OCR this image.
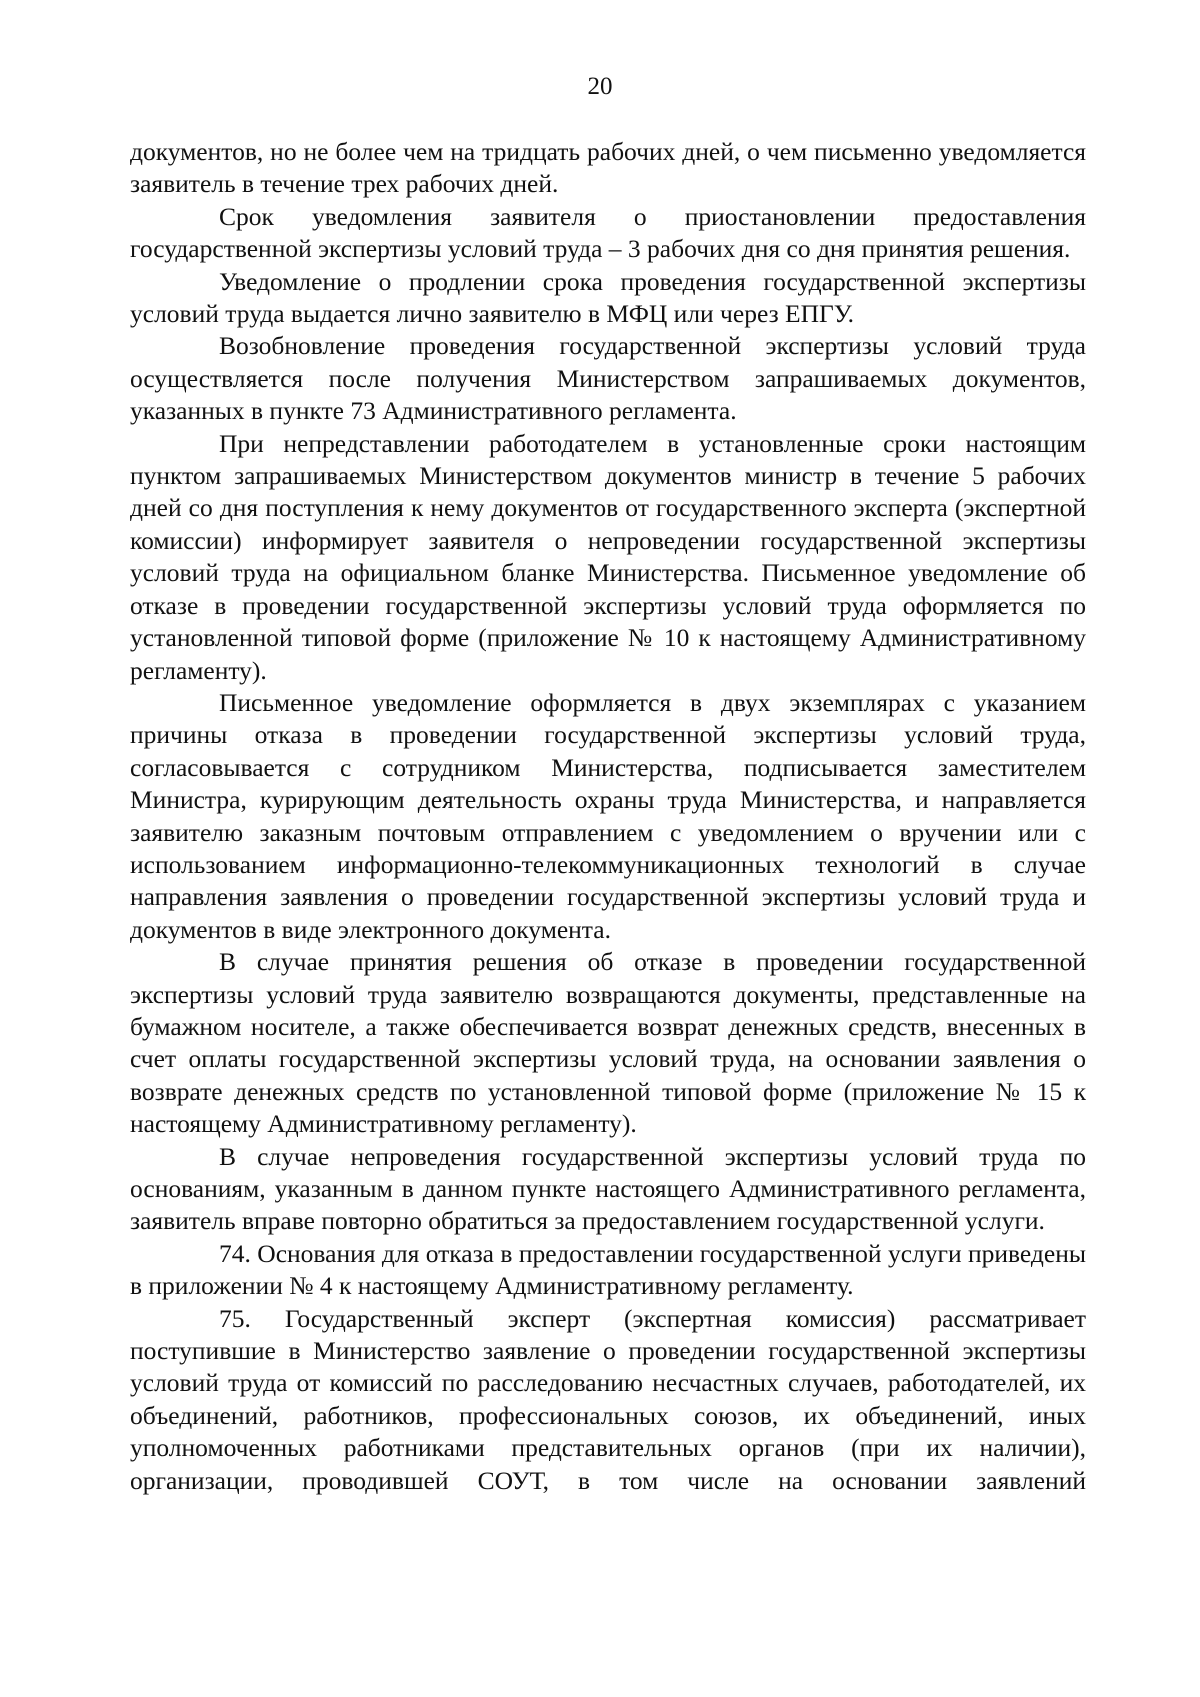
20

документов, но не более чем на тридцать рабочих дней, о чем письменно уведомляется заявитель в течение трех рабочих дней.

Срок уведомления заявителя о приостановлении предоставления государственной экспертизы условий труда – 3 рабочих дня со дня принятия решения.

Уведомление о продлении срока проведения государственной экспертизы условий труда выдается лично заявителю в МФЦ или через ЕПГУ.

Возобновление проведения государственной экспертизы условий труда осуществляется после получения Министерством запрашиваемых документов, указанных в пункте 73 Административного регламента.

При непредставлении работодателем в установленные сроки настоящим пунктом запрашиваемых Министерством документов министр в течение 5 рабочих дней со дня поступления к нему документов от государственного эксперта (экспертной комиссии) информирует заявителя о непроведении государственной экспертизы условий труда на официальном бланке Министерства. Письменное уведомление об отказе в проведении государственной экспертизы условий труда оформляется по установленной типовой форме (приложение № 10 к настоящему Административному регламенту).

Письменное уведомление оформляется в двух экземплярах с указанием причины отказа в проведении государственной экспертизы условий труда, согласовывается с сотрудником Министерства, подписывается заместителем Министра, курирующим деятельность охраны труда Министерства, и направляется заявителю заказным почтовым отправлением с уведомлением о вручении или с использованием информационно-телекоммуникационных технологий в случае направления заявления о проведении государственной экспертизы условий труда и документов в виде электронного документа.

В случае принятия решения об отказе в проведении государственной экспертизы условий труда заявителю возвращаются документы, представленные на бумажном носителе, а также обеспечивается возврат денежных средств, внесенных в счет оплаты государственной экспертизы условий труда, на основании заявления о возврате денежных средств по установленной типовой форме (приложение № 15 к настоящему Административному регламенту).

В случае непроведения государственной экспертизы условий труда по основаниям, указанным в данном пункте настоящего Административного регламента, заявитель вправе повторно обратиться за предоставлением государственной услуги.

74. Основания для отказа в предоставлении государственной услуги приведены в приложении № 4 к настоящему Административному регламенту.

75. Государственный эксперт (экспертная комиссия) рассматривает поступившие в Министерство заявление о проведении государственной экспертизы условий труда от комиссий по расследованию несчастных случаев, работодателей, их объединений, работников, профессиональных союзов, их объединений, иных уполномоченных работниками представительных органов (при их наличии), организации, проводившей СОУТ, в том числе на основании заявлений
